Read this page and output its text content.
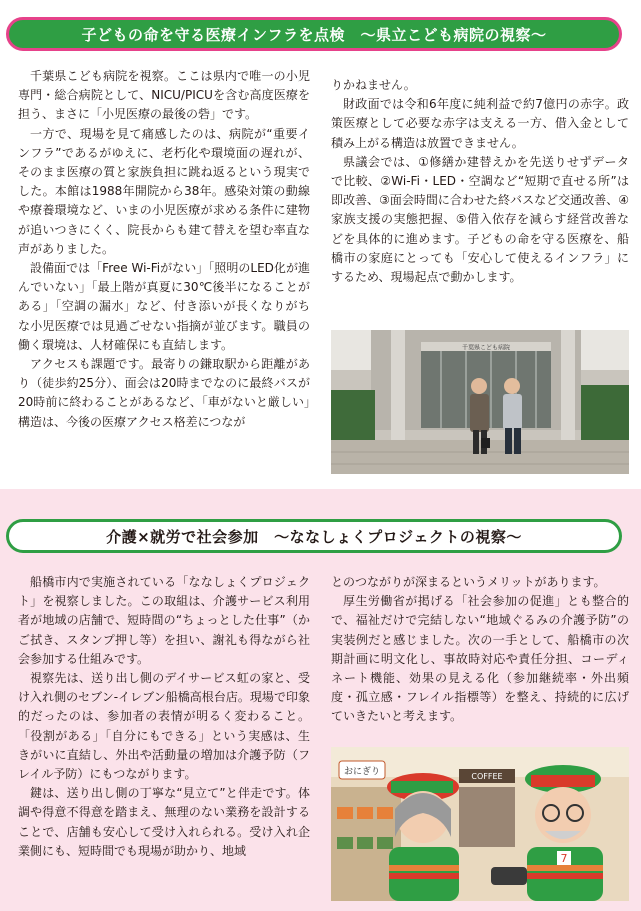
子どもの命を守る医療インフラを点検　～県立こども病院の視察～

千葉県こども病院を視察。ここは県内で唯一の小児専門・総合病院として、NICU/PICUを含む高度医療を担う、まさに「小児医療の最後の砦」です。

一方で、現場を見て痛感したのは、病院が“重要インフラ”であるがゆえに、老朽化や環境面の遅れが、そのまま医療の質と家族負担に跳ね返るという現実でした。本館は1988年開院から38年。感染対策の動線や療養環境など、いまの小児医療が求める条件に建物が追いつきにくく、院長からも建て替えを望む率直な声がありました。

設備面では「Free Wi-Fiがない」「照明のLED化が進んでいない」「最上階が真夏に30℃後半になることがある」「空調の漏水」など、付き添いが長くなりがちな小児医療では見過ごせない指摘が並びます。職員の働く環境は、人材確保にも直結します。

アクセスも課題です。最寄りの鎌取駅から距離があり（徒歩約25分）、面会は20時までなのに最終バスが20時前に終わることがあるなど、「車がないと厳しい」構造は、今後の医療アクセス格差につなが

りかねません。

財政面では令和6年度に純利益で約7億円の赤字。政策医療として必要な赤字は支える一方、借入金として積み上がる構造は放置できません。

県議会では、①修繕か建替えかを先送りせずデータで比較、②Wi-Fi・LED・空調など“短期で直せる所”は即改善、③面会時間に合わせた終バスなど交通改善、④家族支援の実態把握、⑤借入依存を減らす経営改善などを具体的に進めます。子どもの命を守る医療を、船橋市の家庭にとっても「安心して使えるインフラ」にするため、現場起点で動かします。

千葉県こども病院
介護×就労で社会参加　～ななしょくプロジェクトの視察～

船橋市内で実施されている「ななしょくプロジェクト」を視察しました。この取組は、介護サービス利用者が地域の店舗で、短時間の“ちょっとした仕事”（かご拭き、スタンプ押し等）を担い、謝礼も得ながら社会参加する仕組みです。

視察先は、送り出し側のデイサービス虹の家と、受け入れ側のセブン‐イレブン船橋高根台店。現場で印象的だったのは、参加者の表情が明るく変わること。「役割がある」「自分にもできる」という実感は、生きがいに直結し、外出や活動量の増加は介護予防（フレイル予防）にもつながります。

鍵は、送り出し側の丁寧な“見立て”と伴走です。体調や得意不得意を踏まえ、無理のない業務を設計することで、店舗も安心して受け入れられる。受け入れ企業側にも、短時間でも現場が助かり、地域

とのつながりが深まるというメリットがあります。

厚生労働省が掲げる「社会参加の促進」とも整合的で、福祉だけで完結しない“地域ぐるみの介護予防”の実装例だと感じました。次の一手として、船橋市の次期計画に明文化し、事故時対応や責任分担、コーディネート機能、効果の見える化（参加継続率・外出頻度・孤立感・フレイル指標等）を整え、持続的に広げていきたいと考えます。

おにぎり	COFFEE
7
